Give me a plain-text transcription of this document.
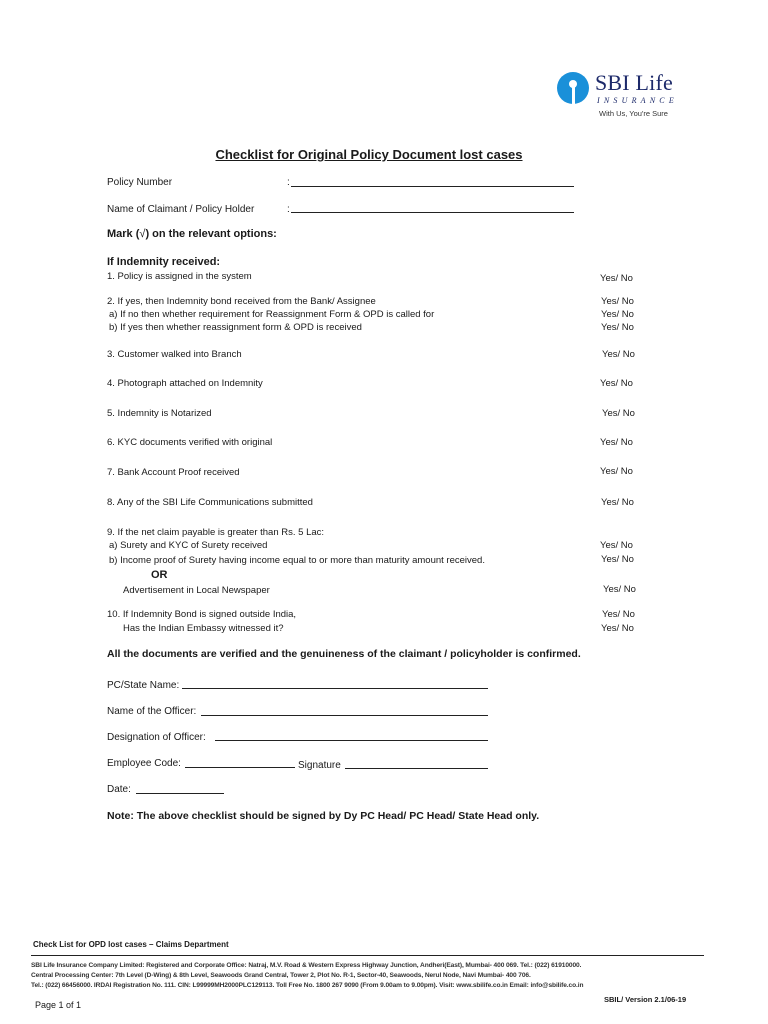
SBI Life
INSURANCE
With Us, You're Sure
Checklist for Original Policy Document lost cases
Policy Number	:
Name of Claimant / Policy Holder	:
Mark (√) on the relevant options:
If Indemnity received:
1. Policy is assigned in the system	Yes/ No
2. If yes, then Indemnity bond received from the Bank/ Assignee	Yes/ No
a) If no then whether requirement for Reassignment Form & OPD is called for	Yes/ No
b) If yes then whether reassignment form & OPD is received	Yes/ No
3. Customer walked into Branch	Yes/ No
4. Photograph attached on Indemnity	Yes/ No
5. Indemnity is Notarized	Yes/ No
6. KYC documents verified with original	Yes/ No
7. Bank Account Proof received	Yes/ No
8. Any of the SBI Life Communications submitted	Yes/ No
9. If the net claim payable is greater than Rs. 5 Lac:
a) Surety and KYC of Surety received	Yes/ No
b) Income proof of Surety having income equal to or more than maturity amount received.	Yes/ No
OR
Advertisement in Local Newspaper	Yes/ No
10. If Indemnity Bond is signed outside India,	Yes/ No
Has the Indian Embassy witnessed it?	Yes/ No
All the documents are verified and the genuineness of the claimant / policyholder is confirmed.
PC/State Name:
Name of the Officer:
Designation of Officer:
Employee Code:	Signature
Date:
Note: The above checklist should be signed by Dy PC Head/ PC Head/ State Head only.
Check List for OPD lost cases – Claims Department
SBI Life Insurance Company Limited: Registered and Corporate Office: Natraj, M.V. Road & Western Express Highway Junction, Andheri(East), Mumbai- 400 069. Tel.: (022) 61910000.
Central Processing Center: 7th Level (D-Wing) & 8th Level, Seawoods Grand Central, Tower 2, Plot No. R-1, Sector-40, Seawoods, Nerul Node, Navi Mumbai- 400 706.
Tel.: (022) 66456000. IRDAI Registration No. 111. CIN: L99999MH2000PLC129113. Toll Free No. 1800 267 9090 (From 9.00am to 9.00pm). Visit: www.sbilife.co.in Email: info@sbilife.co.in
Page 1 of 1
SBIL/ Version 2.1/06-19
